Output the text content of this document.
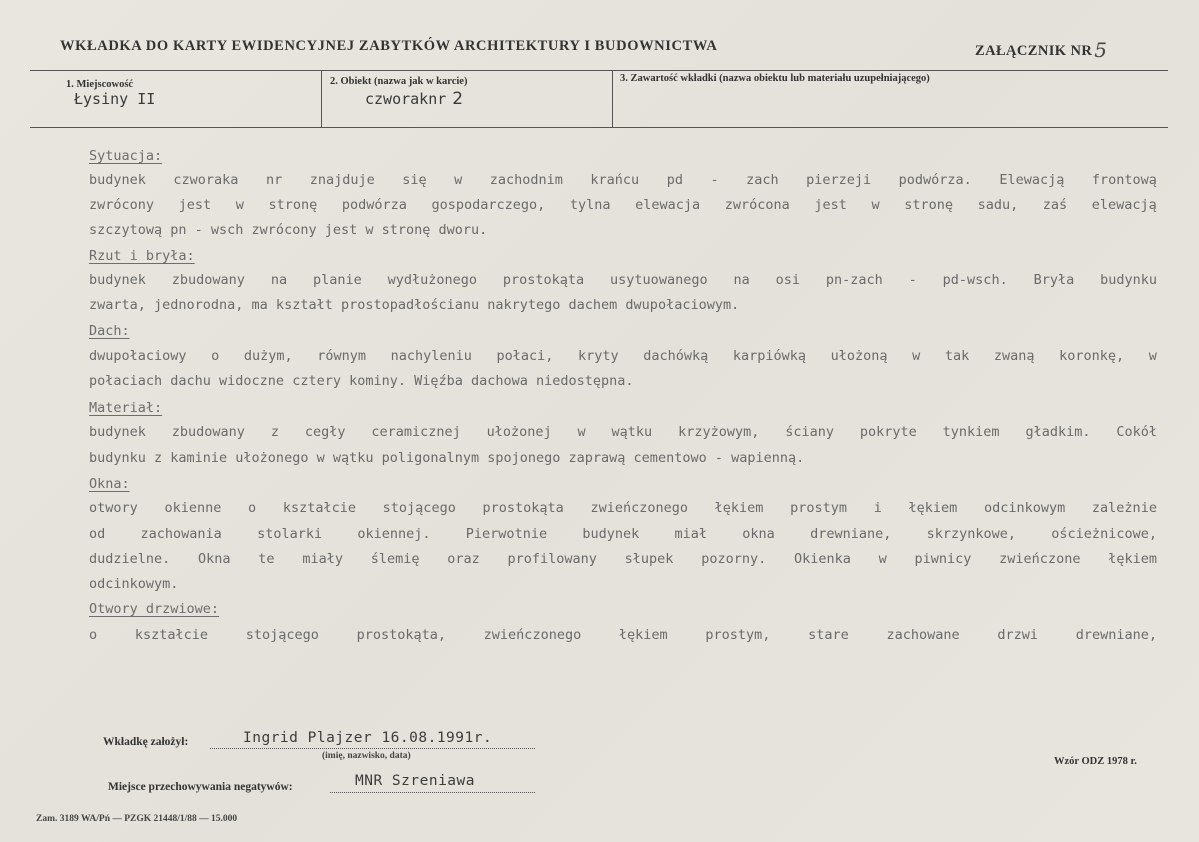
WKŁADKA DO KARTY EWIDENCYJNEJ ZABYTKÓW ARCHITEKTURY I BUDOWNICTWA	ZAŁĄCZNIK NR 5
1. Miejscowość
Łysiny II
2. Obiekt (nazwa jak w karcie)
czworaknr 2
3. Zawartość wkładki (nazwa obiektu lub materiału uzupełniającego)
Sytuacja:
budynek czworaka nr znajduje się w zachodnim krańcu pd - zach pierzeji podwórza. Elewacją frontową
zwrócony jest w stronę podwórza gospodarczego, tylna elewacja zwrócona jest w stronę sadu, zaś elewacją
szczytową pn - wsch zwrócony jest w stronę dworu.
Rzut i bryła:
budynek zbudowany na planie wydłużonego prostokąta usytuowanego na osi pn-zach - pd-wsch. Bryła budynku
zwarta, jednorodna, ma kształt prostopadłościanu nakrytego dachem dwupołaciowym.
Dach:
dwupołaciowy o dużym, równym nachyleniu połaci, kryty dachówką karpiówką ułożoną w tak zwaną koronkę, w
połaciach dachu widoczne cztery kominy. Więźba dachowa niedostępna.
Materiał:
budynek zbudowany z cegły ceramicznej ułożonej w wątku krzyżowym, ściany pokryte tynkiem gładkim. Cokół
budynku z kaminie ułożonego w wątku poligonalnym spojonego zaprawą cementowo - wapienną.
Okna:
otwory okienne o kształcie stojącego prostokąta zwieńczonego łękiem prostym i łękiem odcinkowym zależnie
od	zachowania	stolarki	okiennej.	Pierwotnie	budynek	miał	okna	drewniane,	skrzynkowe,	ościeżnicowe,
dudzielne. Okna te miały ślemię oraz profilowany słupek pozorny. Okienka w piwnicy zwieńczone łękiem
odcinkowym.
Otwory drzwiowe:
o	kształcie	stojącego	prostokąta,	zwieńczonego	łękiem	prostym,	stare	zachowane	drzwi	drewniane,
Wkładkę założył:	Ingrid Plajzer 16.08.1991r.
(imię, nazwisko, data)
Miejsce przechowywania negatywów:	MNR Szreniawa
Wzór ODZ 1978 r.
Zam. 3189 WA/Pń — PZGK 21448/1/88 — 15.000
